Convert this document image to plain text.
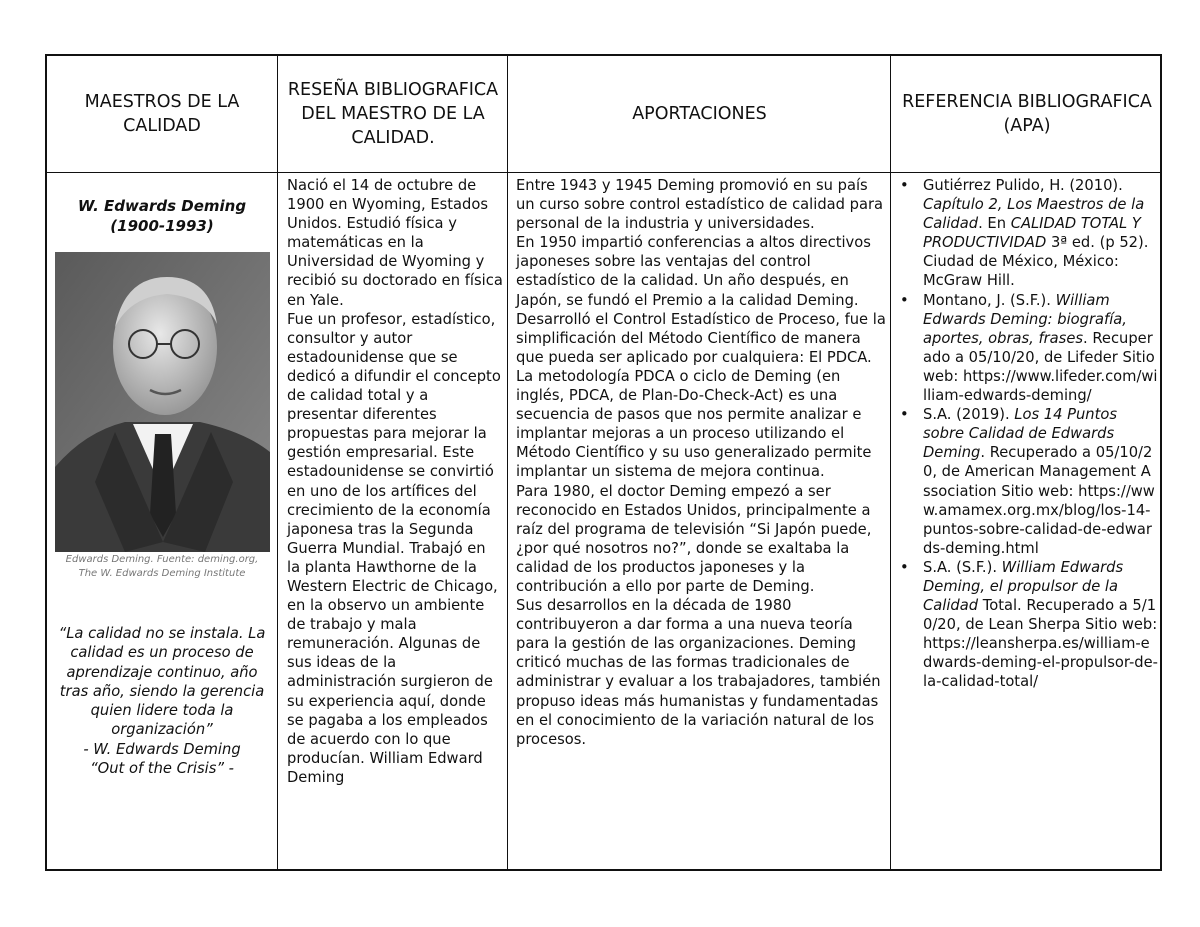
MAESTROS DE LA CALIDAD
RESEÑA BIBLIOGRAFICA DEL MAESTRO DE LA CALIDAD.
APORTACIONES
REFERENCIA BIBLIOGRAFICA (APA)
W. Edwards Deming
(1900-1993)
Edwards Deming. Fuente: deming.org,
The W. Edwards Deming Institute
“La calidad no se instala. La calidad es un proceso de aprendizaje continuo, año tras año, siendo la gerencia quien lidere toda la organización”
- W. Edwards Deming
“Out of the Crisis” -

Nació el 14 de octubre de 1900 en Wyoming, Estados Unidos. Estudió física y matemáticas en la Universidad de Wyoming y recibió su doctorado en física en Yale.

Fue un profesor, estadístico, consultor y autor estadounidense que se dedicó a difundir el concepto de calidad total y a presentar diferentes propuestas para mejorar la gestión empresarial. Este estadounidense se convirtió en uno de los artífices del crecimiento de la economía japonesa tras la Segunda Guerra Mundial. Trabajó en la planta Hawthorne de la Western Electric de Chicago, en la observo un ambiente de trabajo y mala remuneración. Algunas de sus ideas de la administración surgieron de su experiencia aquí, donde se pagaba a los empleados de acuerdo con lo que producían. William Edward Deming

Entre 1943 y 1945 Deming promovió en su país un curso sobre control estadístico de calidad para personal de la industria y universidades.

En 1950 impartió conferencias a altos directivos japoneses sobre las ventajas del control estadístico de la calidad. Un año después, en Japón, se fundó el Premio a la calidad Deming.

Desarrolló el Control Estadístico de Proceso, fue la simplificación del Método Científico de manera que pueda ser aplicado por cualquiera: El PDCA. La metodología PDCA o ciclo de Deming (en inglés, PDCA, de Plan-Do-Check-Act) es una secuencia de pasos que nos permite analizar e implantar mejoras a un proceso utilizando el Método Científico y su uso generalizado permite implantar un sistema de mejora continua.

Para 1980, el doctor Deming empezó a ser reconocido en Estados Unidos, principalmente a raíz del programa de televisión “Si Japón puede, ¿por qué nosotros no?”, donde se exaltaba la calidad de los productos japoneses y la contribución a ello por parte de Deming.

Sus desarrollos en la década de 1980 contribuyeron a dar forma a una nueva teoría para la gestión de las organizaciones. Deming criticó muchas de las formas tradicionales de administrar y evaluar a los trabajadores, también propuso ideas más humanistas y fundamentadas en el conocimiento de la variación natural de los procesos.

• Gutiérrez Pulido, H. (2010). Capítulo 2, Los Maestros de la Calidad. En CALIDAD TOTAL Y PRODUCTIVIDAD 3ª ed. (p 52). Ciudad de México, México: McGraw Hill.
• Montano, J. (S.F.). William Edwards Deming: biografía, aportes, obras, frases. Recuperado a 05/10/20, de Lifeder Sitio web: https://www.lifeder.com/william-edwards-deming/
• S.A. (2019). Los 14 Puntos sobre Calidad de Edwards Deming. Recuperado a 05/10/20, de American Management Association Sitio web: https://www.amamex.org.mx/blog/los-14-puntos-sobre-calidad-de-edwards-deming.html
• S.A. (S.F.). William Edwards Deming, el propulsor de la Calidad Total. Recuperado a 5/10/20, de Lean Sherpa Sitio web: https://leansherpa.es/william-edwards-deming-el-propulsor-de-la-calidad-total/
